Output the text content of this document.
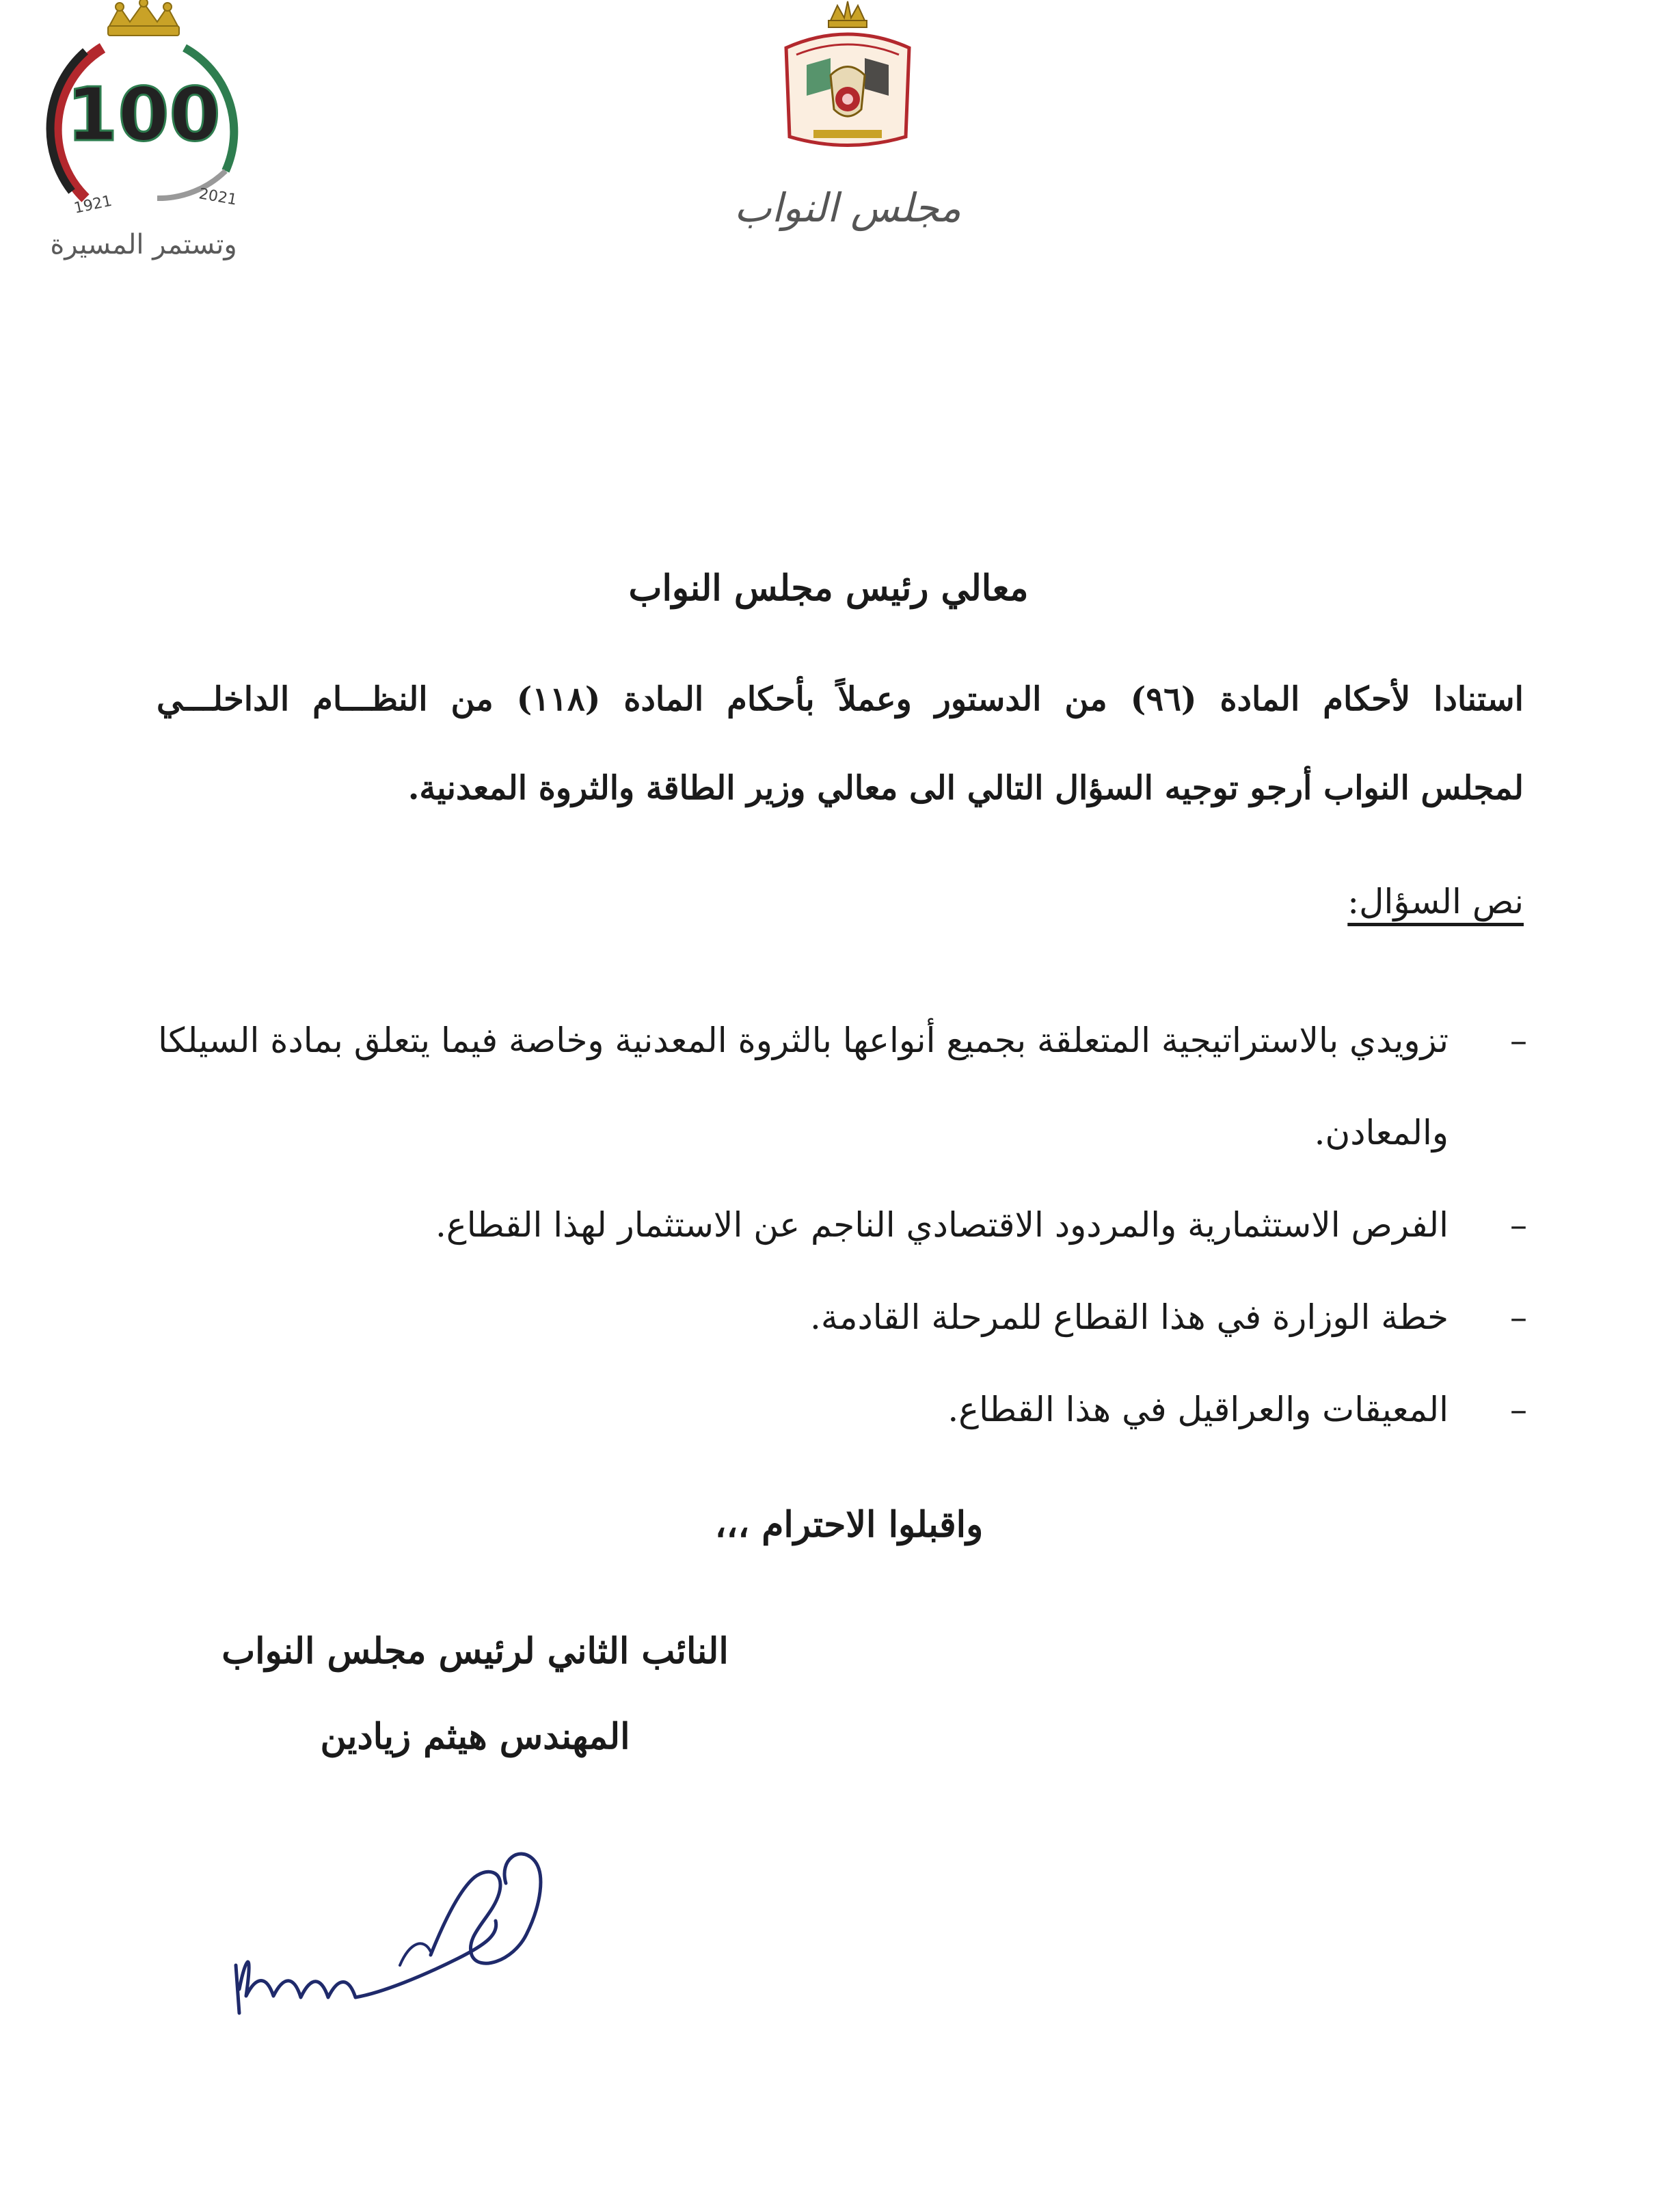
100
1921	2021
وتستمر المسيرة
مجلس النواب
معالي رئيس مجلس النواب
استنادا لأحكام المادة (٩٦) من الدستور وعملاً بأحكام المادة (١١٨) من النظـــام الداخلـــي
لمجلس النواب أرجو توجيه السؤال التالي الى معالي وزير الطاقة والثروة المعدنية.
نص السؤال:
–
تزويدي بالاستراتيجية المتعلقة بجميع أنواعها بالثروة المعدنية وخاصة فيما يتعلق بمادة السيلكا والمعادن.
–
الفرص الاستثمارية والمردود الاقتصادي الناجم عن الاستثمار لهذا القطاع.
–
خطة الوزارة في هذا القطاع للمرحلة القادمة.
–
المعيقات والعراقيل في هذا القطاع.
واقبلوا الاحترام ،،،
النائب الثاني لرئيس مجلس النواب
المهندس هيثم زيادين
